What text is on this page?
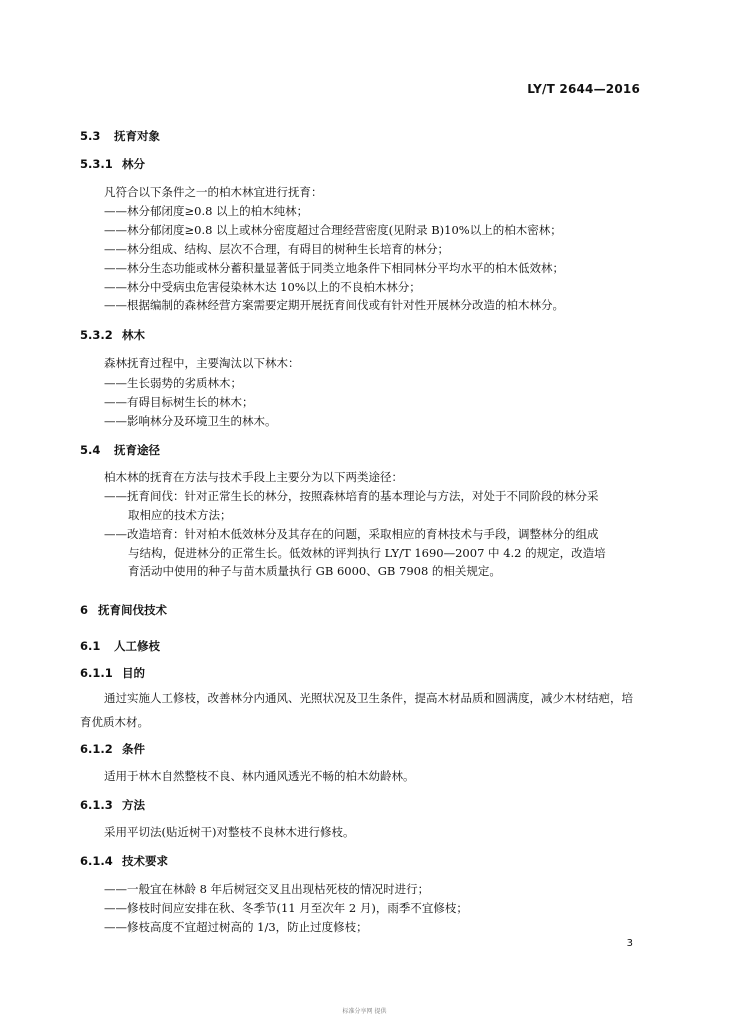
LY/T 2644—2016
5.3 抚育对象
5.3.1 林分
凡符合以下条件之一的柏木林宜进行抚育：
——林分郁闭度≥0.8 以上的柏木纯林；
——林分郁闭度≥0.8 以上或林分密度超过合理经营密度(见附录 B)10%以上的柏木密林；
——林分组成、结构、层次不合理，有碍目的树种生长培育的林分；
——林分生态功能或林分蓄积量显著低于同类立地条件下相同林分平均水平的柏木低效林；
——林分中受病虫危害侵染林木达 10%以上的不良柏木林分；
——根据编制的森林经营方案需要定期开展抚育间伐或有针对性开展林分改造的柏木林分。
5.3.2 林木
森林抚育过程中，主要淘汰以下林木：
——生长弱势的劣质林木；
——有碍目标树生长的林木；
——影响林分及环境卫生的林木。
5.4 抚育途径
柏木林的抚育在方法与技术手段上主要分为以下两类途径：
——抚育间伐：针对正常生长的林分，按照森林培育的基本理论与方法，对处于不同阶段的林分采
取相应的技术方法；
——改造培育：针对柏木低效林分及其存在的问题，采取相应的育林技术与手段，调整林分的组成
与结构，促进林分的正常生长。低效林的评判执行 LY/T 1690—2007 中 4.2 的规定，改造培
育活动中使用的种子与苗木质量执行 GB 6000、GB 7908 的相关规定。
6 抚育间伐技术
6.1 人工修枝
6.1.1 目的
通过实施人工修枝，改善林分内通风、光照状况及卫生条件，提高木材品质和圆满度，减少木材结疤，培育优质木材。
6.1.2 条件
适用于林木自然整枝不良、林内通风透光不畅的柏木幼龄林。
6.1.3 方法
采用平切法(贴近树干)对整枝不良林木进行修枝。
6.1.4 技术要求
——一般宜在林龄 8 年后树冠交叉且出现枯死枝的情况时进行；
——修枝时间应安排在秋、冬季节(11 月至次年 2 月)，雨季不宜修枝；
——修枝高度不宜超过树高的 1/3，防止过度修枝；
3
标准分享网 提供
